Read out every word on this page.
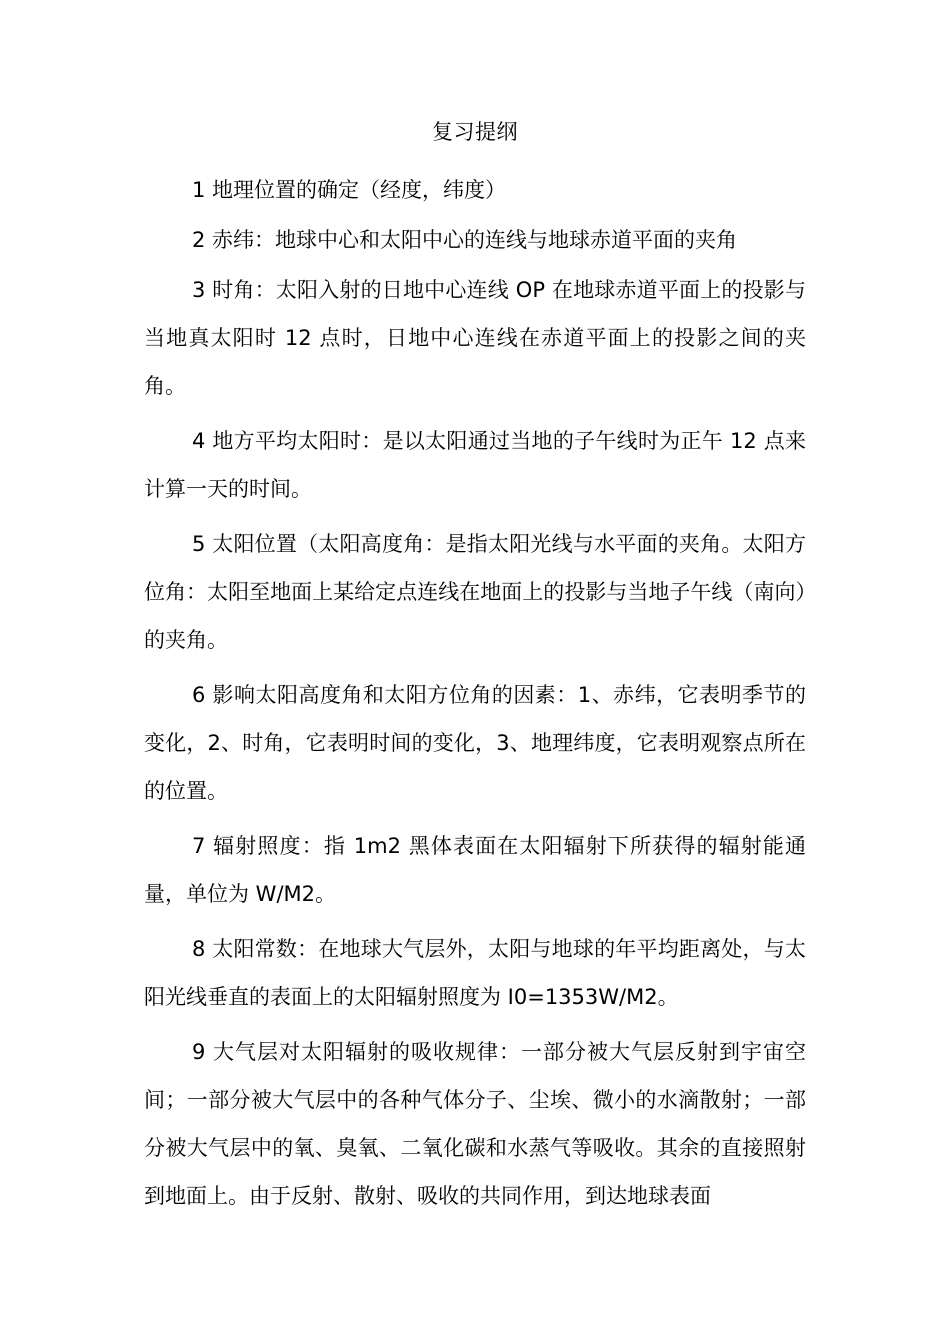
复习提纲

1 地理位置的确定（经度，纬度）

2 赤纬：地球中心和太阳中心的连线与地球赤道平面的夹角

3 时角：太阳入射的日地中心连线 OP 在地球赤道平面上的投影与当地真太阳时 12 点时，日地中心连线在赤道平面上的投影之间的夹角。

4 地方平均太阳时：是以太阳通过当地的子午线时为正午 12 点来计算一天的时间。

5 太阳位置（太阳高度角：是指太阳光线与水平面的夹角。太阳方位角：太阳至地面上某给定点连线在地面上的投影与当地子午线（南向）的夹角。

6 影响太阳高度角和太阳方位角的因素：1、赤纬，它表明季节的变化，2、时角，它表明时间的变化，3、地理纬度，它表明观察点所在的位置。

7 辐射照度：指 1m2 黑体表面在太阳辐射下所获得的辐射能通量，单位为 W/M2。

8 太阳常数：在地球大气层外，太阳与地球的年平均距离处，与太阳光线垂直的表面上的太阳辐射照度为 I0=1353W/M2。

9 大气层对太阳辐射的吸收规律：一部分被大气层反射到宇宙空间；一部分被大气层中的各种气体分子、尘埃、微小的水滴散射；一部分被大气层中的氧、臭氧、二氧化碳和水蒸气等吸收。其余的直接照射到地面上。由于反射、散射、吸收的共同作用，到达地球表面
